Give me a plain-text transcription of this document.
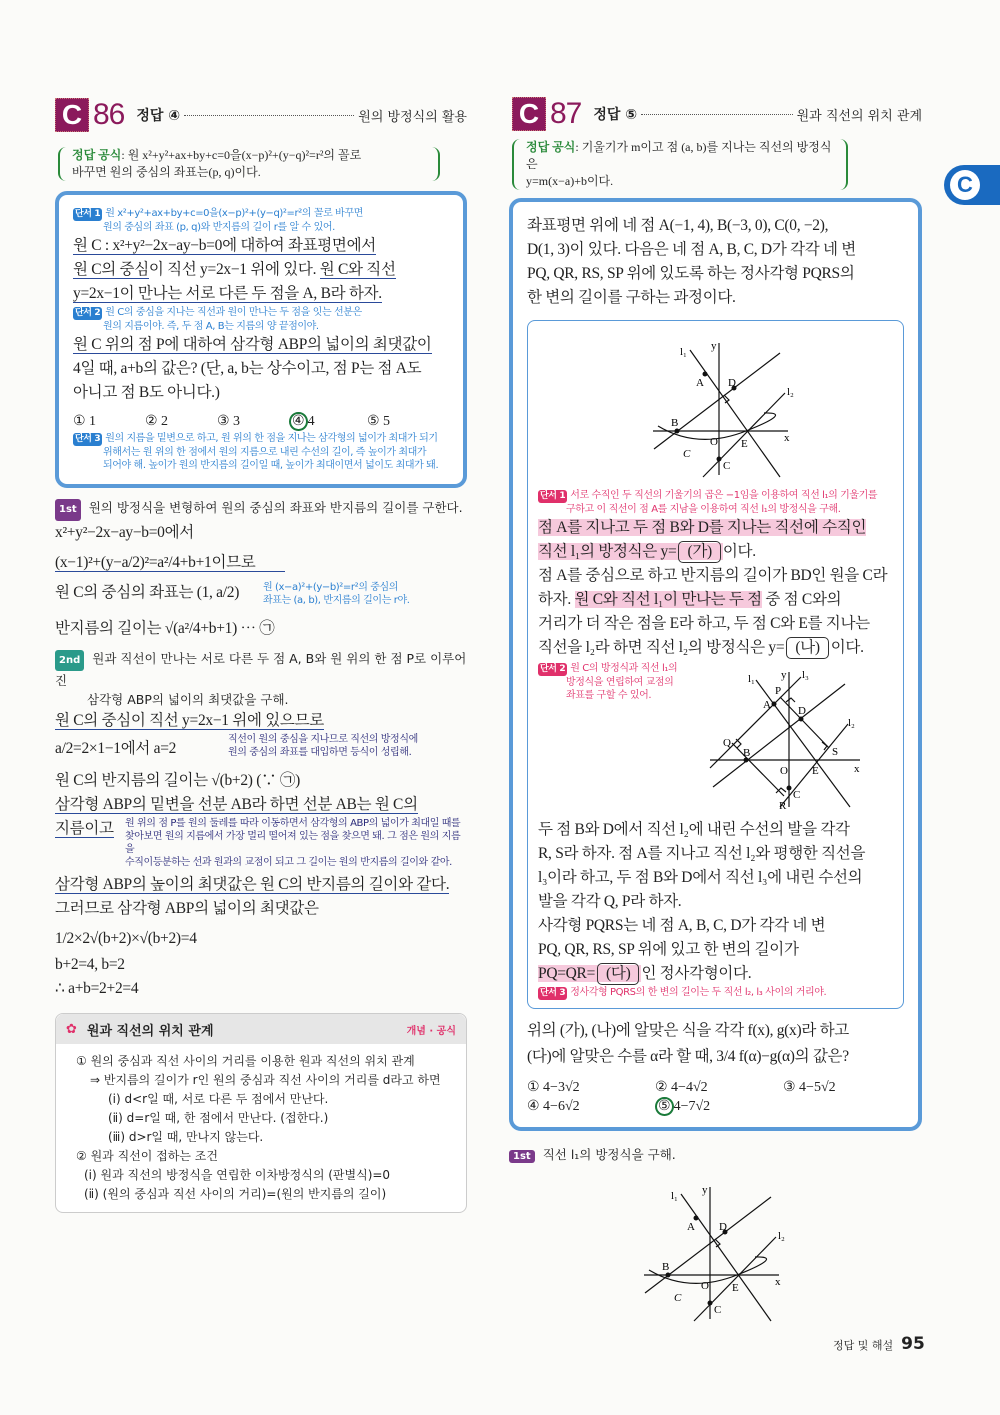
C 86 정답 ④	원의 방정식의 활용
정답 공식: 원 x²+y²+ax+by+c=0을(x−p)²+(y−q)²=r²의 꼴로
바꾸면 원의 중심의 좌표는(p, q)이다.
단서 1 원 x²+y²+ax+by+c=0을(x−p)²+(y−q)²=r²의 꼴로 바꾸면
원의 중심의 좌표 (p, q)와 반지름의 길이 r를 알 수 있어.
원 C : x²+y²−2x−ay−b=0에 대하여 좌표평면에서
원 C의 중심이 직선 y=2x−1 위에 있다. 원 C와 직선
y=2x−1이 만나는 서로 다른 두 점을 A, B라 하자.
단서 2 원 C의 중심을 지나는 직선과 원이 만나는 두 점을 잇는 선분은
원의 지름이야. 즉, 두 점 A, B는 지름의 양 끝점이야.
원 C 위의 점 P에 대하여 삼각형 ABP의 넓이의 최댓값이
4일 때, a+b의 값은? (단, a, b는 상수이고, 점 P는 점 A도
아니고 점 B도 아니다.)
① 1	② 2	③ 3	④ 4	⑤ 5
단서 3 원의 지름을 밑변으로 하고, 원 위의 한 점을 지나는 삼각형의 넓이가 최대가 되기
위해서는 원 위의 한 점에서 원의 지름으로 내린 수선의 길이, 즉 높이가 최대가
되어야 해. 높이가 원의 반지름의 길이일 때, 높이가 최대이면서 넓이도 최대가 돼.
1st 원의 방정식을 변형하여 원의 중심의 좌표와 반지름의 길이를 구한다.
x²+y²−2x−ay−b=0에서
(x−1)²+(y−a/2)²=a²/4+b+1이므로
원 C의 중심의 좌표는 (1, a/2)	원 (x−a)²+(y−b)²=r²의 중심의
좌표는 (a, b), 반지름의 길이는 r야.
반지름의 길이는 √(a²/4+b+1) ⋯ ㉠
2nd 원과 직선이 만나는 서로 다른 두 점 A, B와 원 위의 한 점 P로 이루어진
삼각형 ABP의 넓이의 최댓값을 구해.
원 C의 중심이 직선 y=2x−1 위에 있으므로
a/2=2×1−1에서 a=2
직선이 원의 중심을 지나므로 직선의 방정식에
원의 중심의 좌표를 대입하면 등식이 성립해.
원 C의 반지름의 길이는 √(b+2) (∵ ㉠)
삼각형 ABP의 밑변을 선분 AB라 하면 선분 AB는 원 C의
지름이고	원 위의 점 P를 원의 둘레를 따라 이동하면서 삼각형의 ABP의 넓이가 최대일 때를
찾아보면 원의 지름에서 가장 멀리 떨어져 있는 점을 찾으면 돼. 그 점은 원의 지름을
수직이등분하는 선과 원과의 교점이 되고 그 길이는 원의 반지름의 길이와 같아.
삼각형 ABP의 높이의 최댓값은 원 C의 반지름의 길이와 같다.
그러므로 삼각형 ABP의 넓이의 최댓값은
1/2×2√(b+2)×√(b+2)=4
b+2=4, b=2
∴ a+b=2+2=4
✿ 원과 직선의 위치 관계	개념 · 공식
① 원의 중심과 직선 사이의 거리를 이용한 원과 직선의 위치 관계
⇒ 반지름의 길이가 r인 원의 중심과 직선 사이의 거리를 d라고 하면
(ⅰ) d<r일 때, 서로 다른 두 점에서 만난다.
(ⅱ) d=r일 때, 한 점에서 만난다. (접한다.)
(ⅲ) d>r일 때, 만나지 않는다.
② 원과 직선이 접하는 조건
(ⅰ) 원과 직선의 방정식을 연립한 이차방정식의 (판별식)=0
(ⅱ) (원의 중심과 직선 사이의 거리)=(원의 반지름의 길이)
C 87 정답 ⑤	원과 직선의 위치 관계
정답 공식: 기울기가 m이고 점 (a, b)를 지나는 직선의 방정식은
y=m(x−a)+b이다.
좌표평면 위에 네 점 A(−1, 4), B(−3, 0), C(0, −2),
D(1, 3)이 있다. 다음은 네 점 A, B, C, D가 각각 네 변
PQ, QR, RS, SP 위에 있도록 하는 정사각형 PQRS의
한 변의 길이를 구하는 과정이다.
l₁ y
A D
l₂
B
O E	x
C
C
단서 1 서로 수직인 두 직선의 기울기의 곱은 −1임을 이용하여 직선 l₁의 기울기를
구하고 이 직선이 점 A를 지남을 이용하여 직선 l₁의 방정식을 구해.
점 A를 지나고 두 점 B와 D를 지나는 직선에 수직인
직선 l₁의 방정식은 y= (가) 이다.
점 A를 중심으로 하고 반지름의 길이가 BD인 원을 C라
하자. 원 C와 직선 l₁이 만나는 두 점 중 점 C와의
거리가 더 작은 점을 E라 하고, 두 점 C와 E를 지나는
직선을 l₂라 하면 직선 l₂의 방정식은 y= (나) 이다.
단서 2 원 C의 방정식과 직선 l₁의
방정식을 연립하여 교점의
좌표를 구할 수 있어.
l₁ y l₃
P
A D
l₂
Q
B	S
O E	x
C
R
두 점 B와 D에서 직선 l₂에 내린 수선의 발을 각각
R, S라 하자. 점 A를 지나고 직선 l₂와 평행한 직선을
l₃이라 하고, 두 점 B와 D에서 직선 l₃에 내린 수선의
발을 각각 Q, P라 하자.
사각형 PQRS는 네 점 A, B, C, D가 각각 네 변
PQ, QR, RS, SP 위에 있고 한 변의 길이가
PQ=QR= (다) 인 정사각형이다.
단서 3 정사각형 PQRS의 한 변의 길이는 두 직선 l₂, l₃ 사이의 거리야.
위의 (가), (나)에 알맞은 식을 각각 f(x), g(x)라 하고
(다)에 알맞은 수를 α라 할 때, 3/4 f(α)−g(α)의 값은?
① 4−3√2	② 4−4√2	③ 4−5√2
④ 4−6√2	⑤ 4−7√2
1st 직선 l₁의 방정식을 구해.
l₁ y
A D
l₂
B
O E	x
C
C
C
정답 및 해설 95
